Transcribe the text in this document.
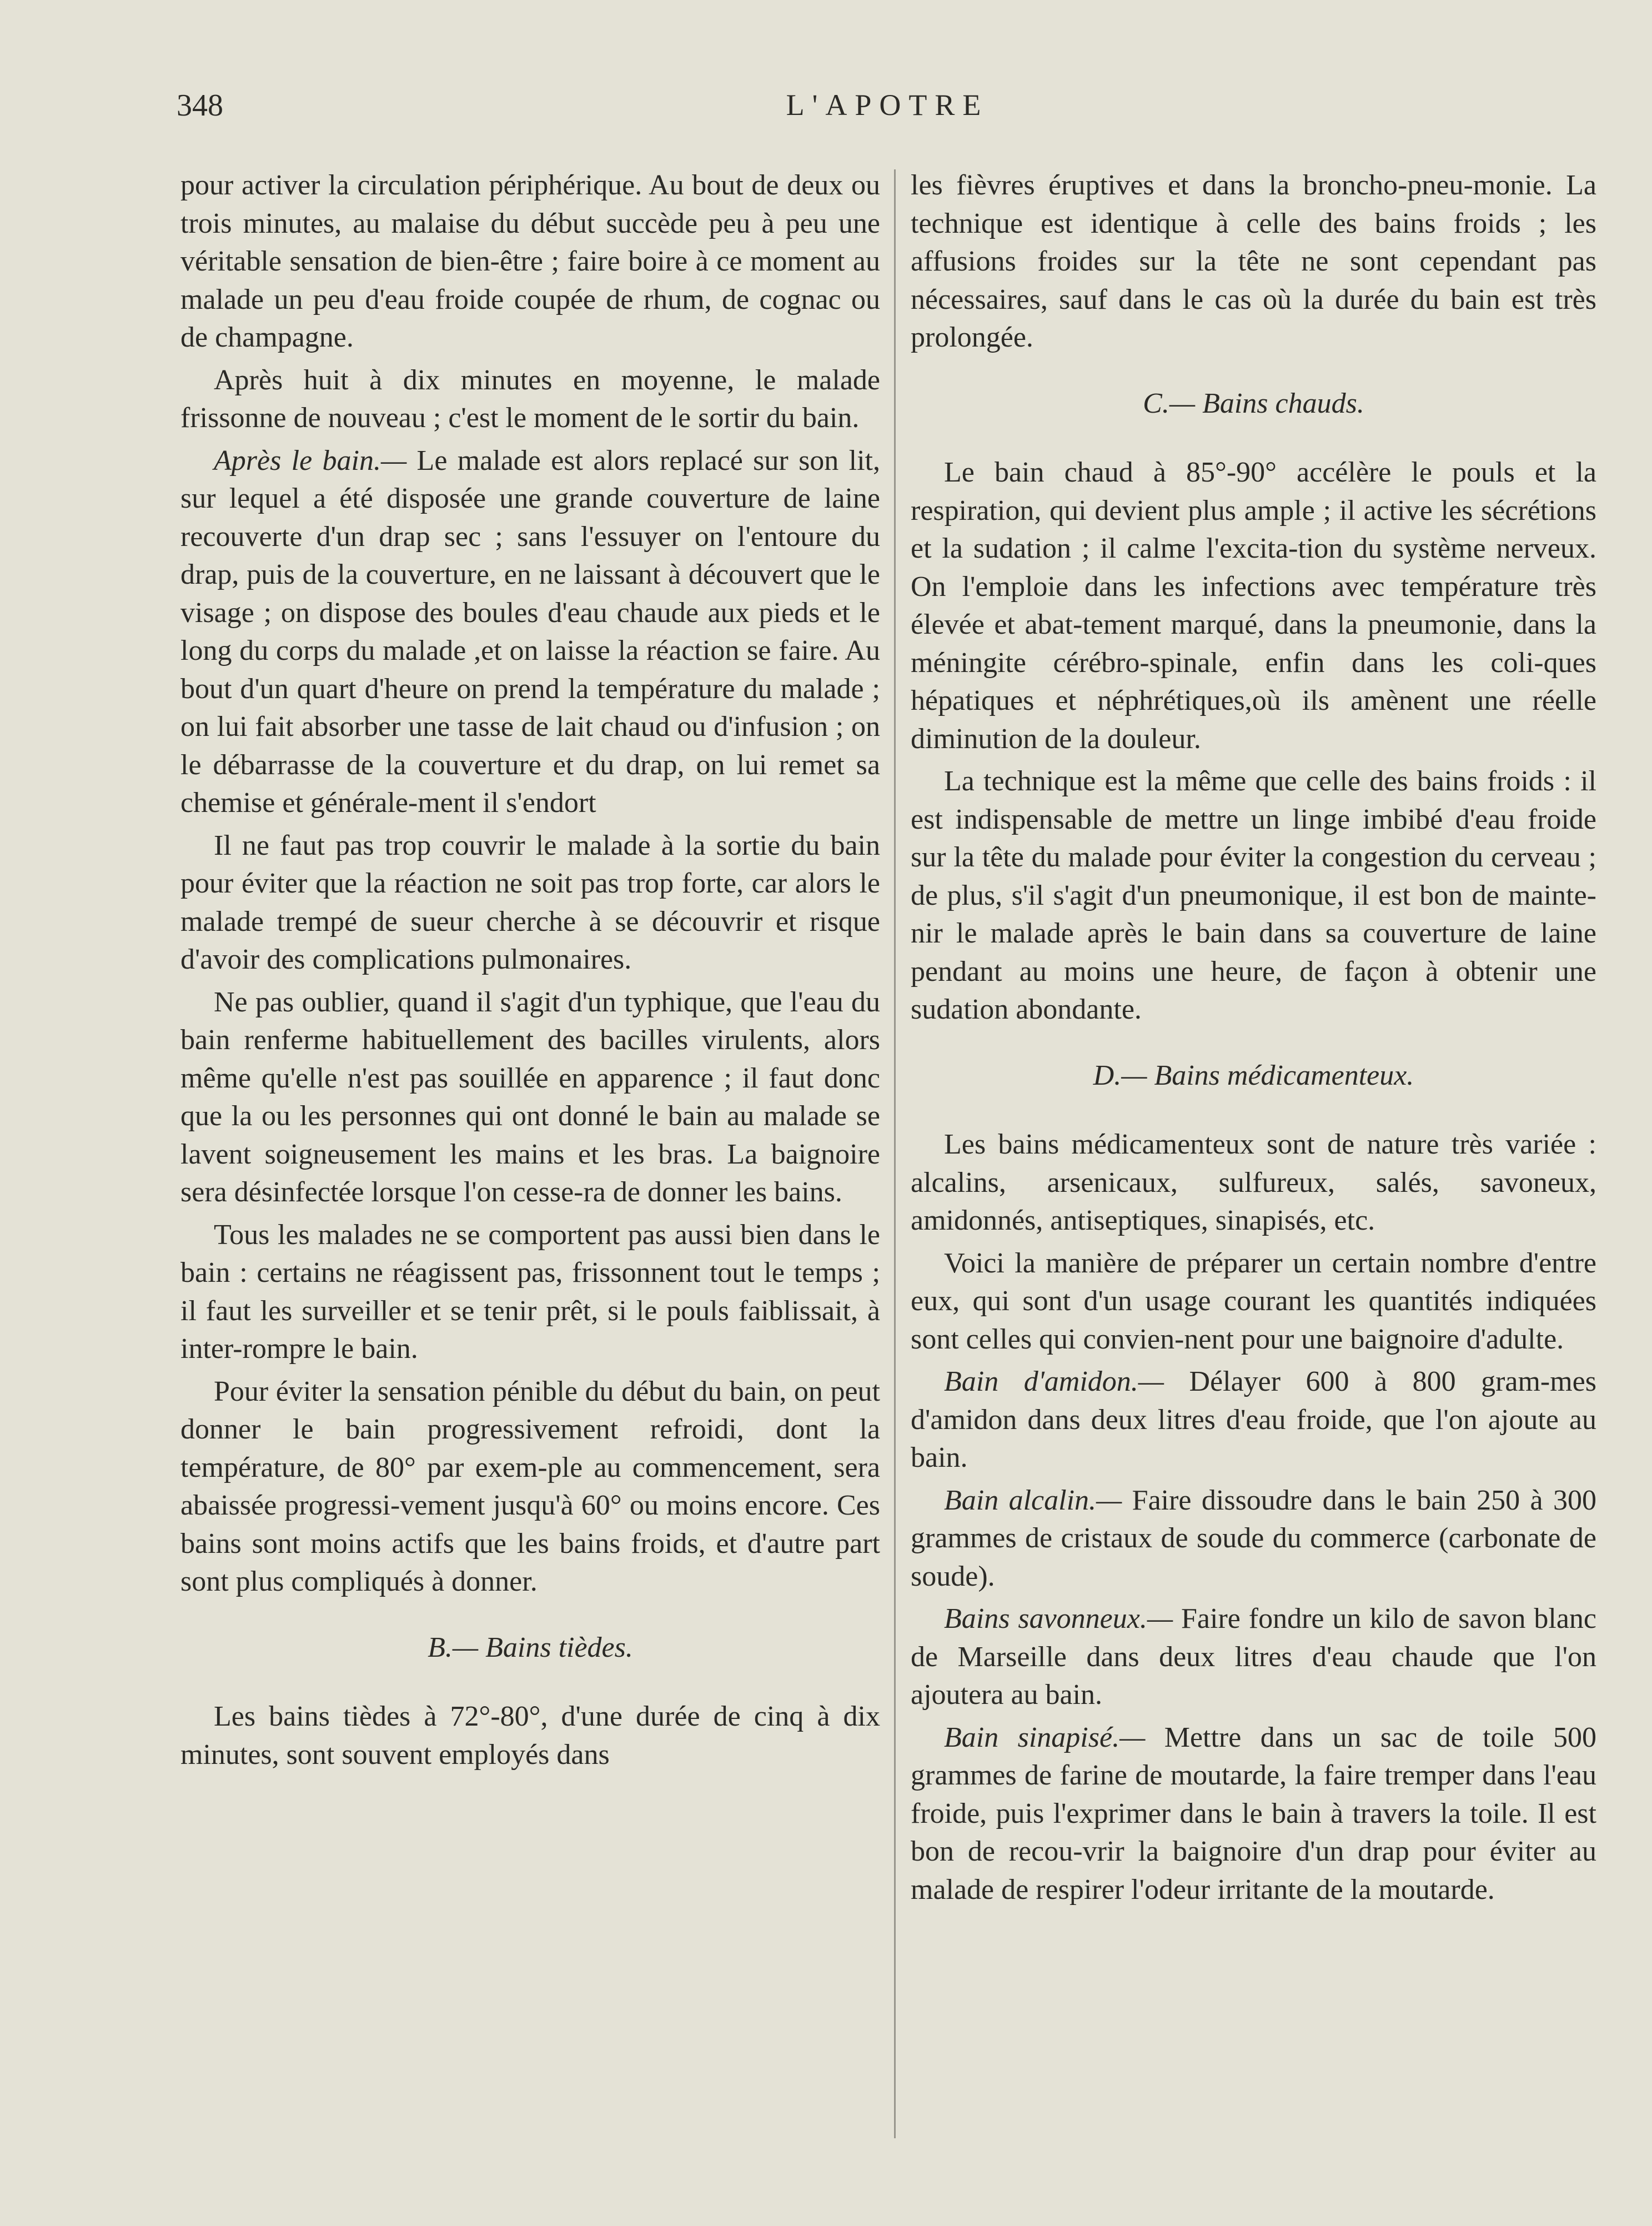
348	L'APOTRE

pour activer la circulation périphérique. Au bout de deux ou trois minutes, au malaise du début succède peu à peu une véritable sensation de bien-être ; faire boire à ce moment au malade un peu d'eau froide coupée de rhum, de cognac ou de champagne.

Après huit à dix minutes en moyenne, le malade frissonne de nouveau ; c'est le moment de le sortir du bain.

Après le bain.— Le malade est alors replacé sur son lit, sur lequel a été disposée une grande couverture de laine recouverte d'un drap sec ; sans l'essuyer on l'entoure du drap, puis de la couverture, en ne laissant à découvert que le visage ; on dispose des boules d'eau chaude aux pieds et le long du corps du malade ,et on laisse la réaction se faire. Au bout d'un quart d'heure on prend la température du malade ; on lui fait absorber une tasse de lait chaud ou d'infusion ; on le débarrasse de la couverture et du drap, on lui remet sa chemise et générale-ment il s'endort

Il ne faut pas trop couvrir le malade à la sortie du bain pour éviter que la réaction ne soit pas trop forte, car alors le malade trempé de sueur cherche à se découvrir et risque d'avoir des complications pulmonaires.

Ne pas oublier, quand il s'agit d'un typhique, que l'eau du bain renferme habituellement des bacilles virulents, alors même qu'elle n'est pas souillée en apparence ; il faut donc que la ou les personnes qui ont donné le bain au malade se lavent soigneusement les mains et les bras. La baignoire sera désinfectée lorsque l'on cesse-ra de donner les bains.

Tous les malades ne se comportent pas aussi bien dans le bain : certains ne réagissent pas, frissonnent tout le temps ; il faut les surveiller et se tenir prêt, si le pouls faiblissait, à inter-rompre le bain.

Pour éviter la sensation pénible du début du bain, on peut donner le bain progressivement refroidi, dont la température, de 80° par exem-ple au commencement, sera abaissée progressi-vement jusqu'à 60° ou moins encore. Ces bains sont moins actifs que les bains froids, et d'autre part sont plus compliqués à donner.

B.— Bains tièdes.

Les bains tièdes à 72°-80°, d'une durée de cinq à dix minutes, sont souvent employés dans

les fièvres éruptives et dans la broncho-pneu-monie. La technique est identique à celle des bains froids ; les affusions froides sur la tête ne sont cependant pas nécessaires, sauf dans le cas où la durée du bain est très prolongée.

C.— Bains chauds.

Le bain chaud à 85°-90° accélère le pouls et la respiration, qui devient plus ample ; il active les sécrétions et la sudation ; il calme l'excita-tion du système nerveux. On l'emploie dans les infections avec température très élevée et abat-tement marqué, dans la pneumonie, dans la méningite cérébro-spinale, enfin dans les coli-ques hépatiques et néphrétiques,où ils amènent une réelle diminution de la douleur.

La technique est la même que celle des bains froids : il est indispensable de mettre un linge imbibé d'eau froide sur la tête du malade pour éviter la congestion du cerveau ; de plus, s'il s'agit d'un pneumonique, il est bon de mainte-nir le malade après le bain dans sa couverture de laine pendant au moins une heure, de façon à obtenir une sudation abondante.

D.— Bains médicamenteux.

Les bains médicamenteux sont de nature très variée : alcalins, arsenicaux, sulfureux, salés, savoneux, amidonnés, antiseptiques, sinapisés, etc.

Voici la manière de préparer un certain nombre d'entre eux, qui sont d'un usage courant les quantités indiquées sont celles qui convien-nent pour une baignoire d'adulte.

Bain d'amidon.— Délayer 600 à 800 gram-mes d'amidon dans deux litres d'eau froide, que l'on ajoute au bain.

Bain alcalin.— Faire dissoudre dans le bain 250 à 300 grammes de cristaux de soude du commerce (carbonate de soude).

Bains savonneux.— Faire fondre un kilo de savon blanc de Marseille dans deux litres d'eau chaude que l'on ajoutera au bain.

Bain sinapisé.— Mettre dans un sac de toile 500 grammes de farine de moutarde, la faire tremper dans l'eau froide, puis l'exprimer dans le bain à travers la toile. Il est bon de recou-vrir la baignoire d'un drap pour éviter au malade de respirer l'odeur irritante de la moutarde.
